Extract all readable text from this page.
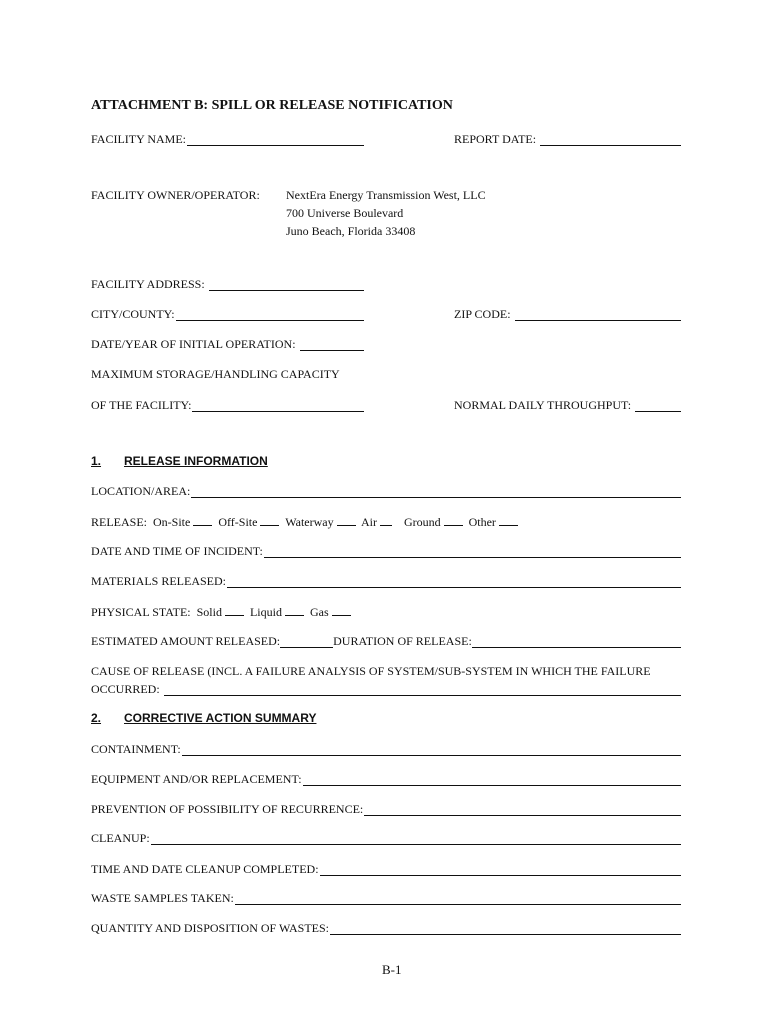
ATTACHMENT B: SPILL OR RELEASE NOTIFICATION
FACILITY NAME:	REPORT DATE:
FACILITY OWNER/OPERATOR: NextEra Energy Transmission West, LLC
700 Universe Boulevard
Juno Beach, Florida 33408
FACILITY ADDRESS:
CITY/COUNTY:	ZIP CODE:
DATE/YEAR OF INITIAL OPERATION:
MAXIMUM STORAGE/HANDLING CAPACITY
OF THE FACILITY:	NORMAL DAILY THROUGHPUT:
1. RELEASE INFORMATION
LOCATION/AREA:
RELEASE: On-Site Off-Site Waterway Air Ground Other
DATE AND TIME OF INCIDENT:
MATERIALS RELEASED:
PHYSICAL STATE: Solid Liquid Gas
ESTIMATED AMOUNT RELEASED:	DURATION OF RELEASE:
CAUSE OF RELEASE (INCL. A FAILURE ANALYSIS OF SYSTEM/SUB-SYSTEM IN WHICH THE FAILURE
OCCURRED:
2. CORRECTIVE ACTION SUMMARY
CONTAINMENT:
EQUIPMENT AND/OR REPLACEMENT:
PREVENTION OF POSSIBILITY OF RECURRENCE:
CLEANUP:
TIME AND DATE CLEANUP COMPLETED:
WASTE SAMPLES TAKEN:
QUANTITY AND DISPOSITION OF WASTES:
B-1
